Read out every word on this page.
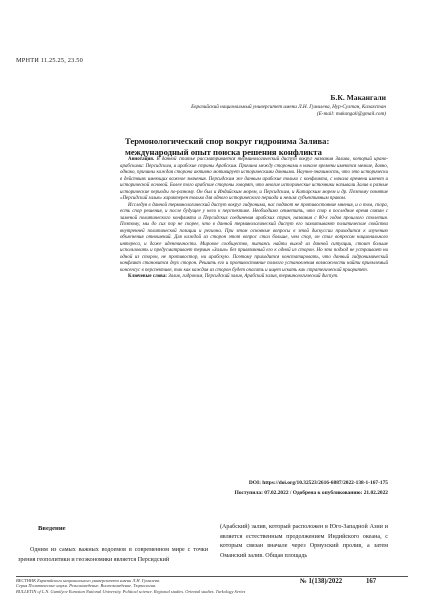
МРНТИ 11.25.25, 23.50
Б.К. Макангали
Евразийский национальный университет имени Л.Н. Гумилева, Нур-Султан, Казахстан
(E-mail: makangali@gmail.com)
Термонологический спор вокруг гидронима Залива:
международный опыт поиска решения конфликта

Аннотация. В данной статье рассматривается терминологический диспут вокруг названия Залива, который ирано-арабскими: Персидским, и арабские страны Арабским. Причина между сторонами в начале времени имеются мелкие, давно, однако, причины каждая сторона активно мотивирует историческими данными. Научно-значимость, что это исторически в действиях имеющих важное значения. Персидским же данным арабские только с конфликта, с начала времени имеют и исторической основой. Более того арабские стороны говорят, что многие исторические источники называли Залив в разные исторические периоды по-разному. Он был и Индийским морем, и Персидским, и Катарским морем и др. Поэтому понятие «Персидский залив» характерен только для одного исторического периода и нельзя субъективным правом.

Исследуя в данной терминологический диспут вокруг гидронима, нас подают не противостояние мнения, и о том, спора, есть спор решения, и после будущее у него к перспективе. Необходимо отметить, что спор в последние время связан с заменой политического конфликта и Персидских соединения арабских стран, названия с 80-х годов прошлого столетия. Поэтому, мы до сих пор не скорее, что в данной терминологический диспут его захватывают политические свойства внутренней политической позиции и региона. При этом основные вопросы в этой дискуссии приходится к изучению объяснения отношений. Для каждой из сторон этот вопрос стал больше, чем спор, он стал вопросом национального интереса, и даже идентичности. Мировое сообщество, пытаясь найти выход из данной ситуации, стоит больше использовать и предусматривает термин «Залив» без привязанный его к одной из сторон. Но это подход не устраивает ни одной из сторон, не противостор, ни арабскую. Поэтому приходится констатировать, что данный гидронимический конфликт становится двух сторон. Решить его и противостояние полного установления возможности найти приемлемый консенсус в перспективе, так как каждая из сторон будет опасать и ищет искать как стратегический приоритет.

Ключевые слова: Залив, гидроним, Персидский залив, Арабский залив, терминологический диспут.

DOI: https://doi.org/10.32523/2616-6887/2022-138-1-167-175
Поступила: 07.02.2022 / Одобрена к опубликованию: 21.02.2022
Введение

Одним из самых важных водоемов в современном мире с точки зрения геополитики и геоэкономики является Персидский

(Арабский) залив, который расположен в Юго-Западной Азии и является естественным продолжением Индийского океана, с которым связан вначале через Ормузский пролив, а затем Оманский залив. Общая площадь

ВЕСТНИК Евразийского национального университета имени Л.Н. Гумилева.
Серия Политические науки. Регионоведение. Востоковедение. Тюркология.
BULLETIN of L.N. Gumilyov Eurasian National University. Political science. Regional studies. Oriental studies. Turkology Series
№ 1(138)/2022	167
